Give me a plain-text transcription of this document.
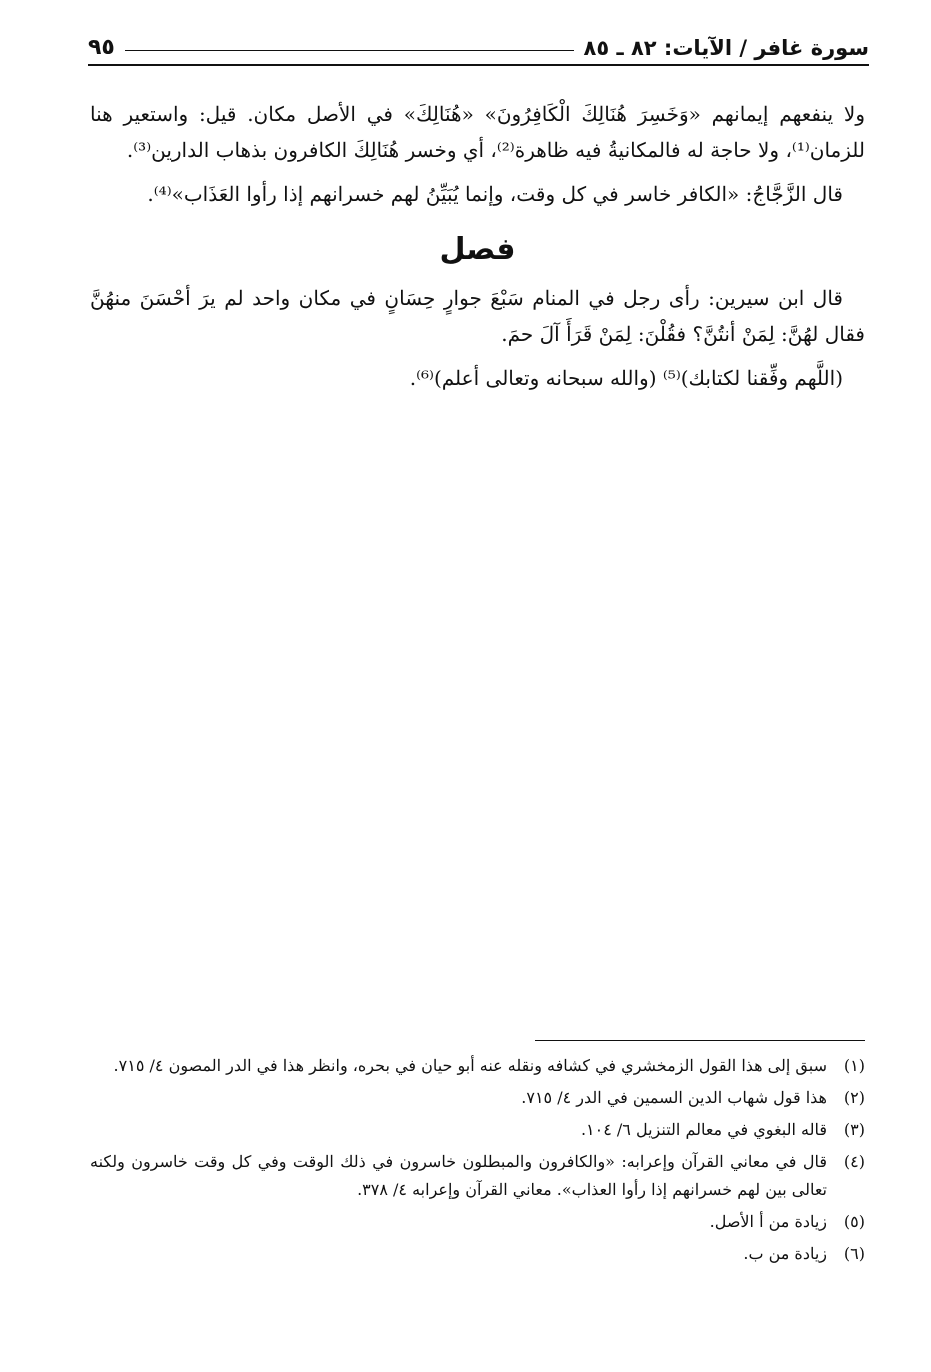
سورة غافر / الآيات: ٨٢ ـ ٨٥
٩٥

ولا ينفعهم إيمانهم «وَخَسِرَ هُنَالِكَ الْكَافِرُونَ» «هُنَالِكَ» في الأصل مكان. قيل: واستعير هنا للزمان⁽¹⁾، ولا حاجة له فالمكانيةُ فيه ظاهرة⁽²⁾، أي وخسر هُنَالِكَ الكافرون بذهاب الدارين⁽³⁾.

قال الزَّجَّاجُ: «الكافر خاسر في كل وقت، وإنما يُبَيِّنُ لهم خسرانهم إذا رأوا العَذَاب»⁽⁴⁾.

فصل

قال ابن سيرين: رأى رجل في المنام سَبْعَ جوارٍ حِسَانٍ في مكان واحد لم يرَ أحْسَنَ منهُنَّ فقال لهُنَّ: لِمَنْ أنتُنَّ؟ فقُلْنَ: لِمَنْ قَرَأَ آلَ حمَ.

(اللَّهم وفِّقنا لكتابك)⁽⁵⁾ (والله سبحانه وتعالى أعلم)⁽⁶⁾.

(١)
سبق إلى هذا القول الزمخشري في كشافه ونقله عنه أبو حيان في بحره، وانظر هذا في الدر المصون ٤/ ٧١٥.
(٢)
هذا قول شهاب الدين السمين في الدر ٤/ ٧١٥.
(٣)
قاله البغوي في معالم التنزيل ٦/ ١٠٤.
(٤)
قال في معاني القرآن وإعرابه: «والكافرون والمبطلون خاسرون في ذلك الوقت وفي كل وقت خاسرون ولكنه تعالى بين لهم خسرانهم إذا رأوا العذاب». معاني القرآن وإعرابه ٤/ ٣٧٨.
(٥)
زيادة من أ الأصل.
(٦)
زيادة من ب.
